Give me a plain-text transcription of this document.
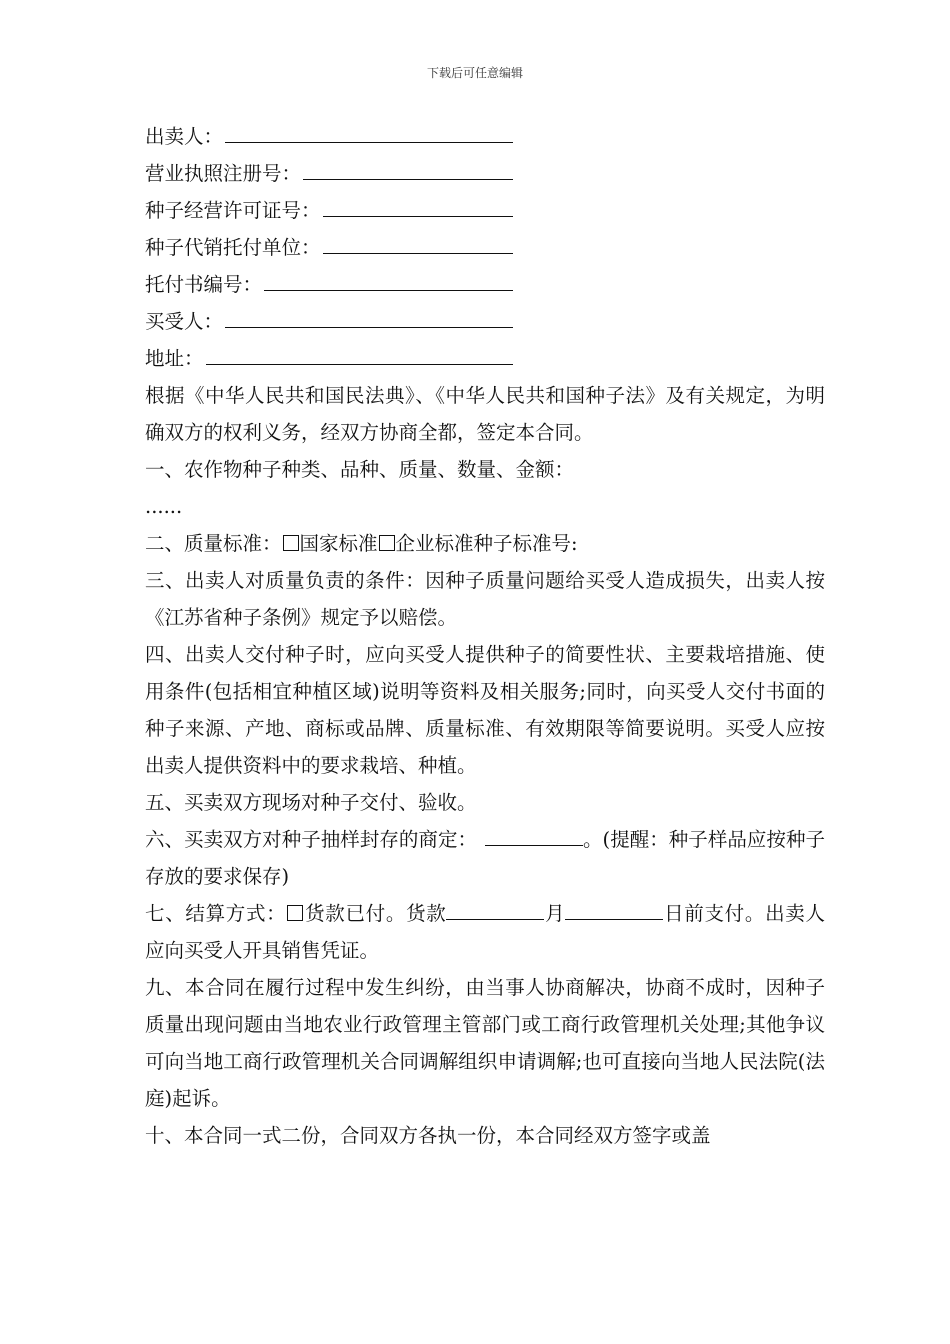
下载后可任意编辑
出卖人：
营业执照注册号：
种子经营许可证号：
种子代销托付单位：
托付书编号：
买受人：
地址：
根据《中华人民共和国民法典》、《中华人民共和国种子法》及有关规定，为明确双方的权利义务，经双方协商全都，签定本合同。
一、农作物种子种类、品种、质量、数量、金额：
......
二、质量标准： 国家标准 企业标准种子标准号:
三、出卖人对质量负责的条件：因种子质量问题给买受人造成损失，出卖人按《江苏省种子条例》规定予以赔偿。
四、出卖人交付种子时，应向买受人提供种子的简要性状、主要栽培措施、使用条件(包括相宜种植区域)说明等资料及相关服务;同时，向买受人交付书面的种子来源、产地、商标或品牌、质量标准、有效期限等简要说明。买受人应按出卖人提供资料中的要求栽培、种植。
五、买卖双方现场对种子交付、验收。
六、买卖双方对种子抽样封存的商定：	。(提醒：种子样品应按种子存放的要求保存)
七、结算方式： 货款已付。货款	月	日前支付。出卖人应向买受人开具销售凭证。
九、本合同在履行过程中发生纠纷，由当事人协商解决，协商不成时，因种子质量出现问题由当地农业行政管理主管部门或工商行政管理机关处理;其他争议可向当地工商行政管理机关合同调解组织申请调解;也可直接向当地人民法院(法庭)起诉。
十、本合同一式二份，合同双方各执一份，本合同经双方签字或盖
